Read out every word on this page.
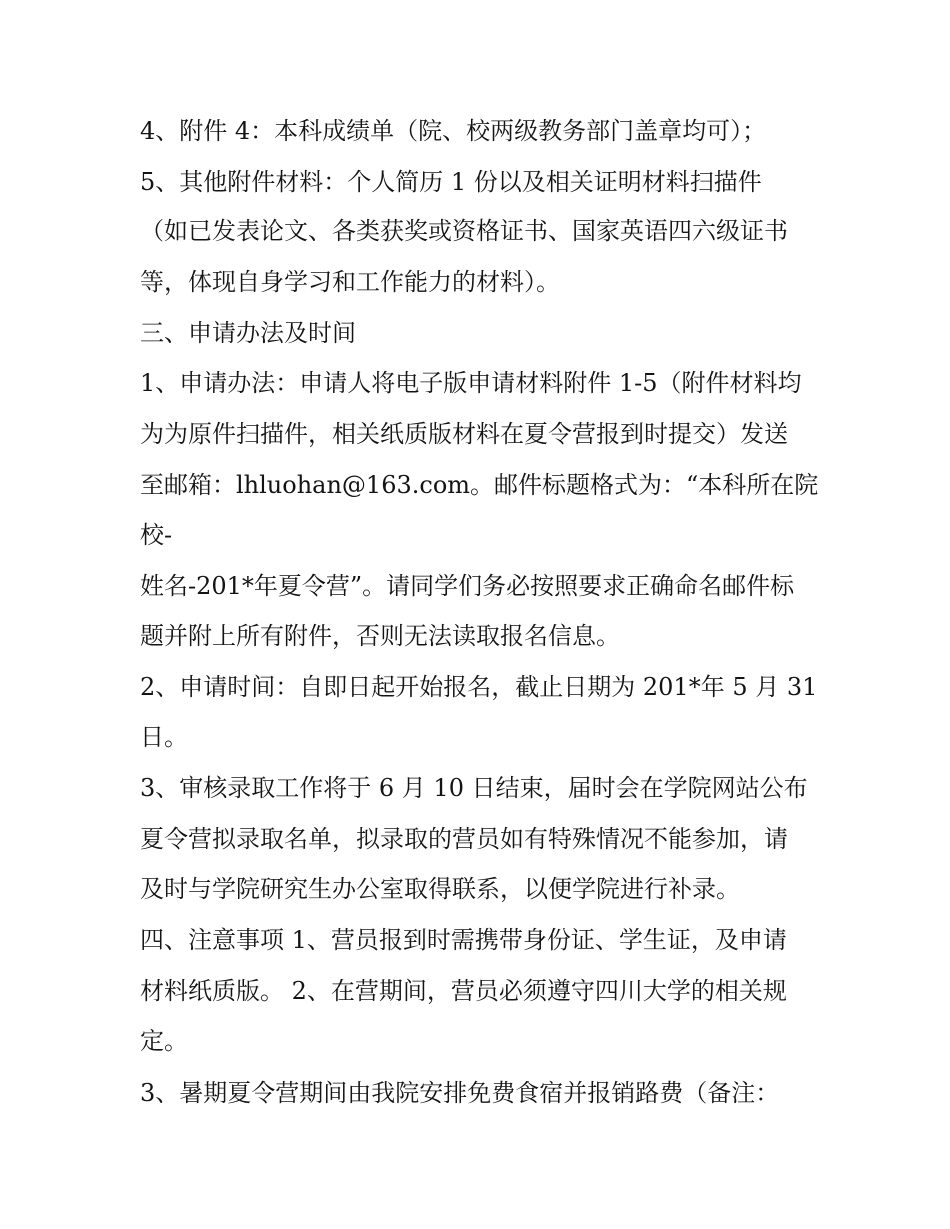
4、附件 4：本科成绩单（院、校两级教务部门盖章均可）；
5、其他附件材料：个人简历 1 份以及相关证明材料扫描件
（如已发表论文、各类获奖或资格证书、国家英语四六级证书
等，体现自身学习和工作能力的材料）。
三、申请办法及时间
1、申请办法：申请人将电子版申请材料附件 1-5（附件材料均
为为原件扫描件，相关纸质版材料在夏令营报到时提交）发送
至邮箱：lhluohan@163.com。邮件标题格式为：“本科所在院
校-
姓名-201*年夏令营”。请同学们务必按照要求正确命名邮件标
题并附上所有附件，否则无法读取报名信息。
2、申请时间：自即日起开始报名，截止日期为 201*年 5 月 31
日。
3、审核录取工作将于 6 月 10 日结束，届时会在学院网站公布
夏令营拟录取名单，拟录取的营员如有特殊情况不能参加，请
及时与学院研究生办公室取得联系，以便学院进行补录。
四、注意事项 1、营员报到时需携带身份证、学生证，及申请
材料纸质版。 2、在营期间，营员必须遵守四川大学的相关规
定。
3、暑期夏令营期间由我院安排免费食宿并报销路费（备注：
